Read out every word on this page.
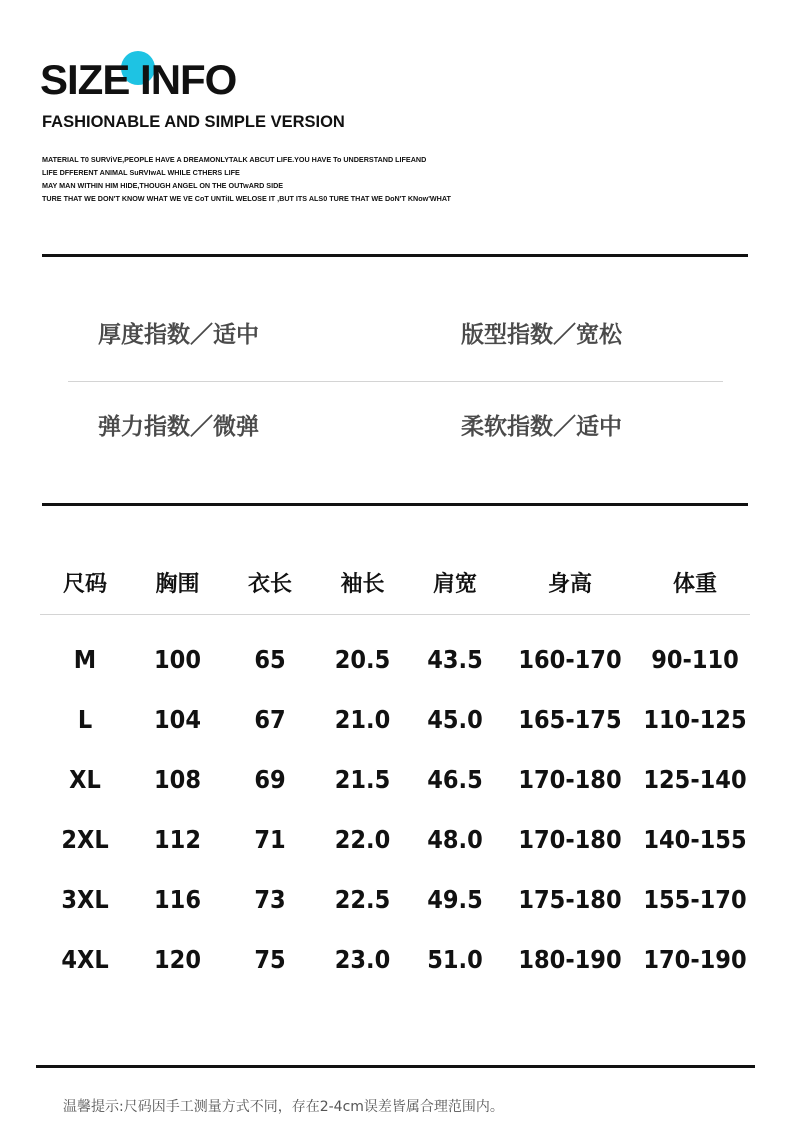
SIZE INFO

FASHIONABLE AND SIMPLE VERSION

MATERIAL T0 SURViVE,PEOPLE HAVE A DREAMONLYTALK ABCUT LIFE.YOU HAVE To UNDERSTAND LIFEAND
LIFE DFFERENT ANIMAL SuRVIwAL WHILE CTHERS LIFE
MAY MAN WITHIN HIM HIDE,THOUGH ANGEL ON THE OUTwARD SIDE
TURE THAT WE DON'T KNOW WHAT WE VE CoT UNTiIL WELOSE IT ,BUT ITS ALS0 TURE THAT WE DoN'T KNow'WHAT

厚度指数／适中	版型指数／宽松

弹力指数／微弹	柔软指数／适中

尺码	胸围	衣长	袖长	肩宽	身高	体重

M	100	65	20.5	43.5	160-170	90-110
L	104	67	21.0	45.0	165-175	110-125
XL	108	69	21.5	46.5	170-180	125-140
2XL	112	71	22.0	48.0	170-180	140-155
3XL	116	73	22.5	49.5	175-180	155-170
4XL	120	75	23.0	51.0	180-190	170-190

温馨提示:尺码因手工测量方式不同，存在2-4cm误差皆属合理范围内。
